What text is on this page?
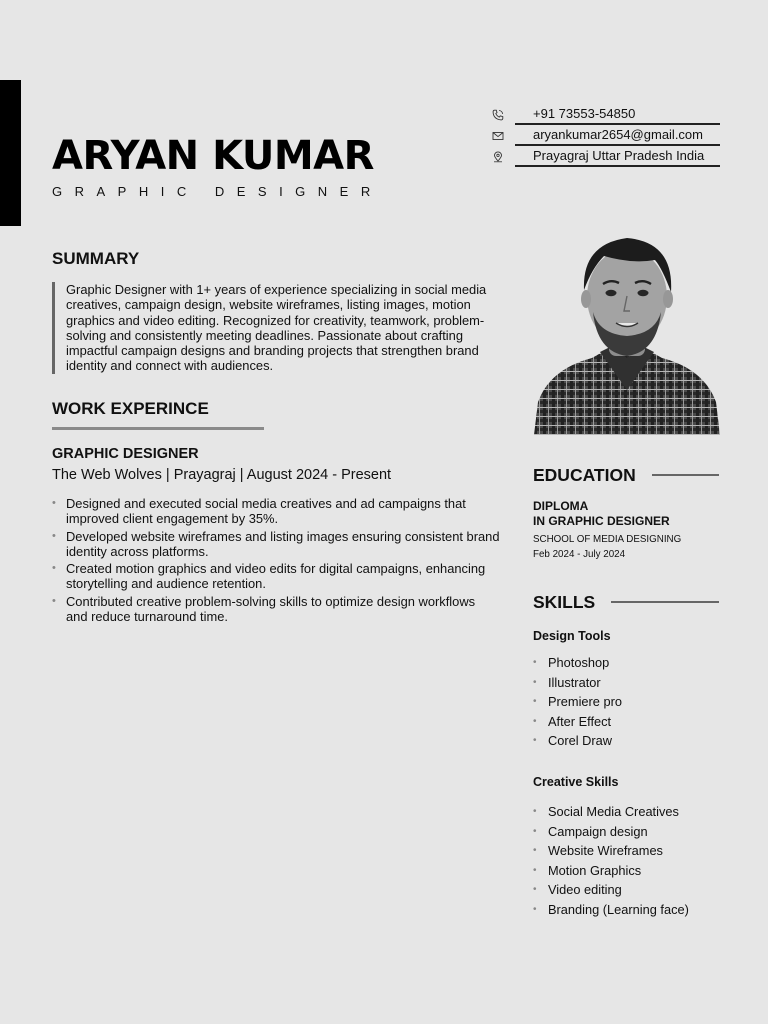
ARYAN KUMAR
GRAPHIC DESIGNER
+91 73553-54850
aryankumar2654@gmail.com
Prayagraj Uttar Pradesh India
SUMMARY
Graphic Designer with 1+ years of experience specializing in social media creatives, campaign design, website wireframes, listing images, motion graphics and video editing. Recognized for creativity, teamwork, problem-solving and consistently meeting deadlines. Passionate about crafting impactful campaign designs and branding projects that strengthen brand identity and connect with audiences.
WORK EXPERINCE
GRAPHIC DESIGNER
The Web Wolves | Prayagraj | August 2024 - Present
• Designed and executed social media creatives and ad campaigns that improved client engagement by 35%.
• Developed website wireframes and listing images ensuring consistent brand identity across platforms.
• Created motion graphics and video edits for digital campaigns, enhancing storytelling and audience retention.
• Contributed creative problem-solving skills to optimize design workflows and reduce turnaround time.
EDUCATION
DIPLOMA
IN GRAPHIC DESIGNER
SCHOOL OF MEDIA DESIGNING
Feb 2024 - July 2024
SKILLS
Design Tools
• Photoshop
• Illustrator
• Premiere pro
• After Effect
• Corel Draw
Creative Skills
• Social Media Creatives
• Campaign design
• Website Wireframes
• Motion Graphics
• Video editing
• Branding (Learning face)
